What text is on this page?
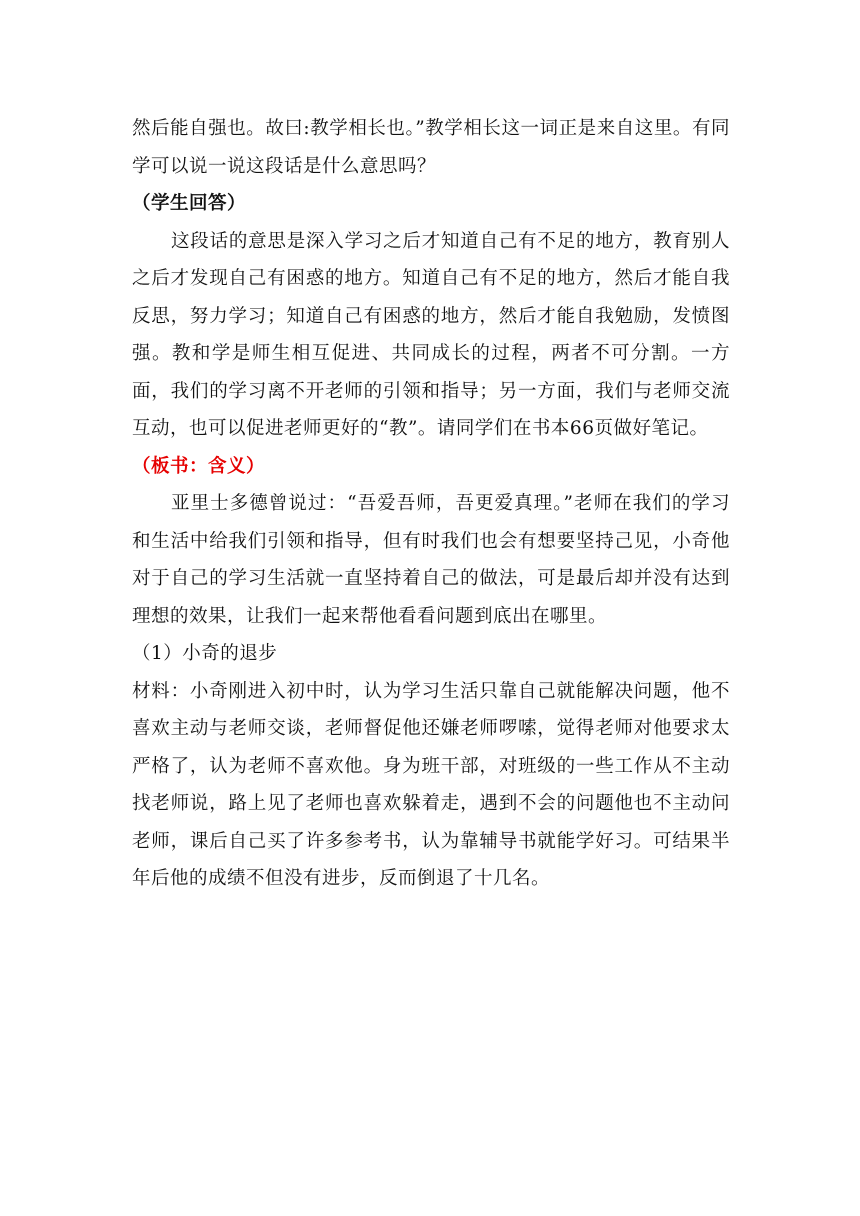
然后能自强也。故曰:教学相长也。”教学相长这一词正是来自这里。有同学可以说一说这段话是什么意思吗？

（学生回答）

这段话的意思是深入学习之后才知道自己有不足的地方，教育别人之后才发现自己有困惑的地方。知道自己有不足的地方，然后才能自我反思，努力学习；知道自己有困惑的地方，然后才能自我勉励，发愤图强。教和学是师生相互促进、共同成长的过程，两者不可分割。一方面，我们的学习离不开老师的引领和指导；另一方面，我们与老师交流互动，也可以促进老师更好的“教”。请同学们在书本66页做好笔记。

（板书：含义）

亚里士多德曾说过：“吾爱吾师，吾更爱真理。”老师在我们的学习和生活中给我们引领和指导，但有时我们也会有想要坚持己见，小奇他对于自己的学习生活就一直坚持着自己的做法，可是最后却并没有达到理想的效果，让我们一起来帮他看看问题到底出在哪里。

（1）小奇的退步

材料：小奇刚进入初中时，认为学习生活只靠自己就能解决问题，他不喜欢主动与老师交谈，老师督促他还嫌老师啰嗦，觉得老师对他要求太严格了，认为老师不喜欢他。身为班干部，对班级的一些工作从不主动找老师说，路上见了老师也喜欢躲着走，遇到不会的问题他也不主动问老师，课后自己买了许多参考书，认为靠辅导书就能学好习。可结果半年后他的成绩不但没有进步，反而倒退了十几名。
